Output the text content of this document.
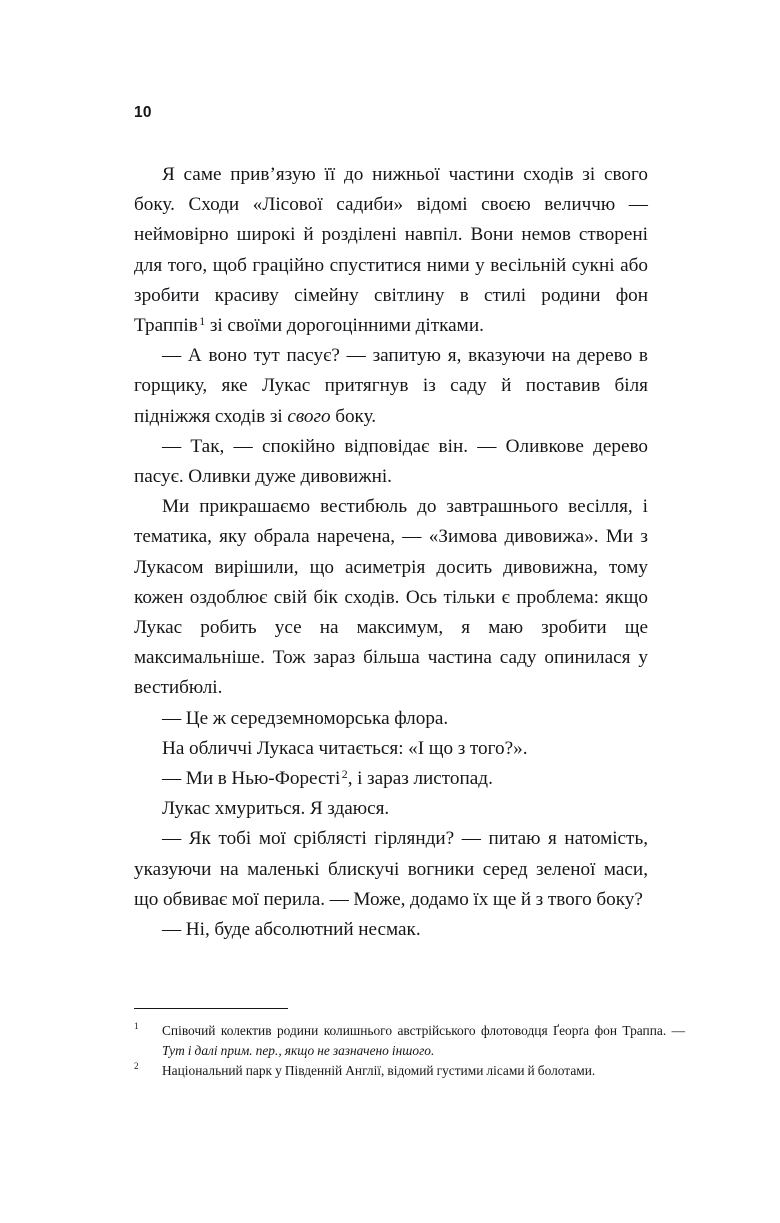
10

Я саме прив’язую її до нижньої частини сходів зі свого боку. Сходи «Лісової садиби» відомі своєю величчю — неймовірно широкі й розділені навпіл. Вони немов створені для того, щоб граційно спуститися ними у весільній сукні або зробити красиву сімейну світлину в стилі родини фон Траппів $^1$ зі своїми дорогоцінними дітками.

— А воно тут пасує? — запитую я, вказуючи на дерево в горщику, яке Лукас притягнув із саду й поставив біля підніжжя сходів зі свого боку.

— Так, — спокійно відповідає він. — Оливкове дерево пасує. Оливки дуже дивовижні.

Ми прикрашаємо вестибюль до завтрашнього весілля, і тематика, яку обрала наречена, — «Зимова дивовижа». Ми з Лукасом вирішили, що асиметрія досить дивовижна, тому кожен оздоблює свій бік сходів. Ось тільки є проблема: якщо Лукас робить усе на максимум, я маю зробити ще максимальніше. Тож зараз більша частина саду опинилася у вестибюлі.

— Це ж середземноморська флора.

На обличчі Лукаса читається: «І що з того?».

— Ми в Нью-Форесті $^2$, і зараз листопад.

Лукас хмуриться. Я здаюся.

— Як тобі мої сріблясті гірлянди? — питаю я натомість, указуючи на маленькі блискучі вогники серед зеленої маси, що обвиває мої перила. — Може, додамо їх ще й з твого боку?

— Ні, буде абсолютний несмак.

1	Співочий колектив родини колишнього австрійського флотоводця Ґеорґа фон Траппа. — Тут і далі прим. пер., якщо не зазначено іншого.
2	Національний парк у Південній Англії, відомий густими лісами й болотами.
